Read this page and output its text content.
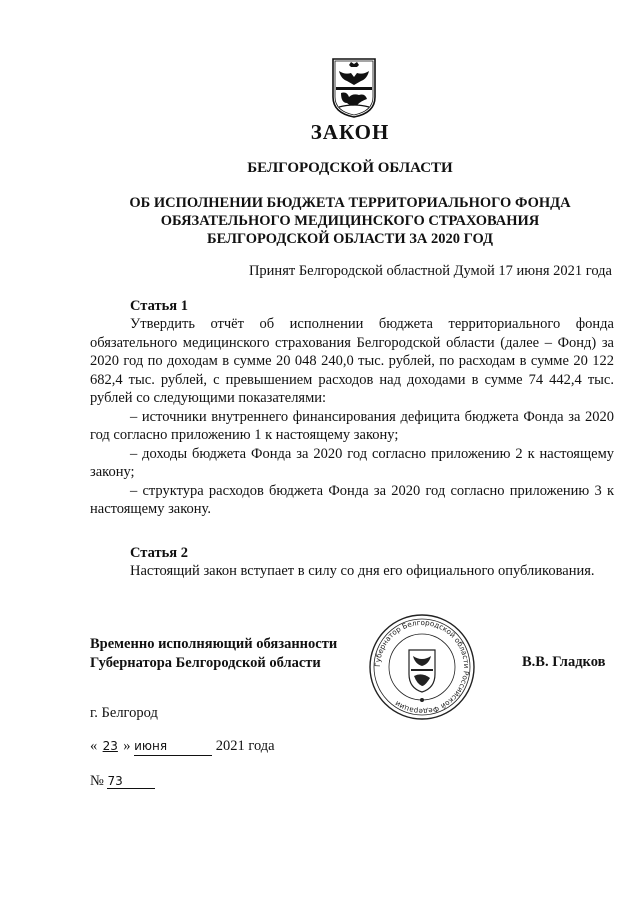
ЗАКОН
БЕЛГОРОДСКОЙ ОБЛАСТИ
ОБ ИСПОЛНЕНИИ БЮДЖЕТА ТЕРРИТОРИАЛЬНОГО ФОНДА
ОБЯЗАТЕЛЬНОГО МЕДИЦИНСКОГО СТРАХОВАНИЯ
БЕЛГОРОДСКОЙ ОБЛАСТИ ЗА 2020 ГОД
Принят Белгородской областной Думой 17 июня 2021 года
Статья 1

Утвердить отчёт об исполнении бюджета территориального фонда обязательного медицинского страхования Белгородской области (далее – Фонд) за 2020 год по доходам в сумме 20 048 240,0 тыс. рублей, по расходам в сумме 20 122 682,4 тыс. рублей, с превышением расходов над доходами в сумме 74 442,4 тыс. рублей со следующими показателями:

– источники внутреннего финансирования дефицита бюджета Фонда за 2020 год согласно приложению 1 к настоящему закону;

– доходы бюджета Фонда за 2020 год согласно приложению 2 к настоящему закону;

– структура расходов бюджета Фонда за 2020 год согласно приложению 3 к настоящему закону.

Статья 2

Настоящий закон вступает в силу со дня его официального опубликования.

Временно исполняющий обязанности
Губернатора Белгородской области	Губернатор Белгородской области Российской Федерации
В.В. Гладков
г. Белгород
« 23 » июня	2021 года
№ 73
